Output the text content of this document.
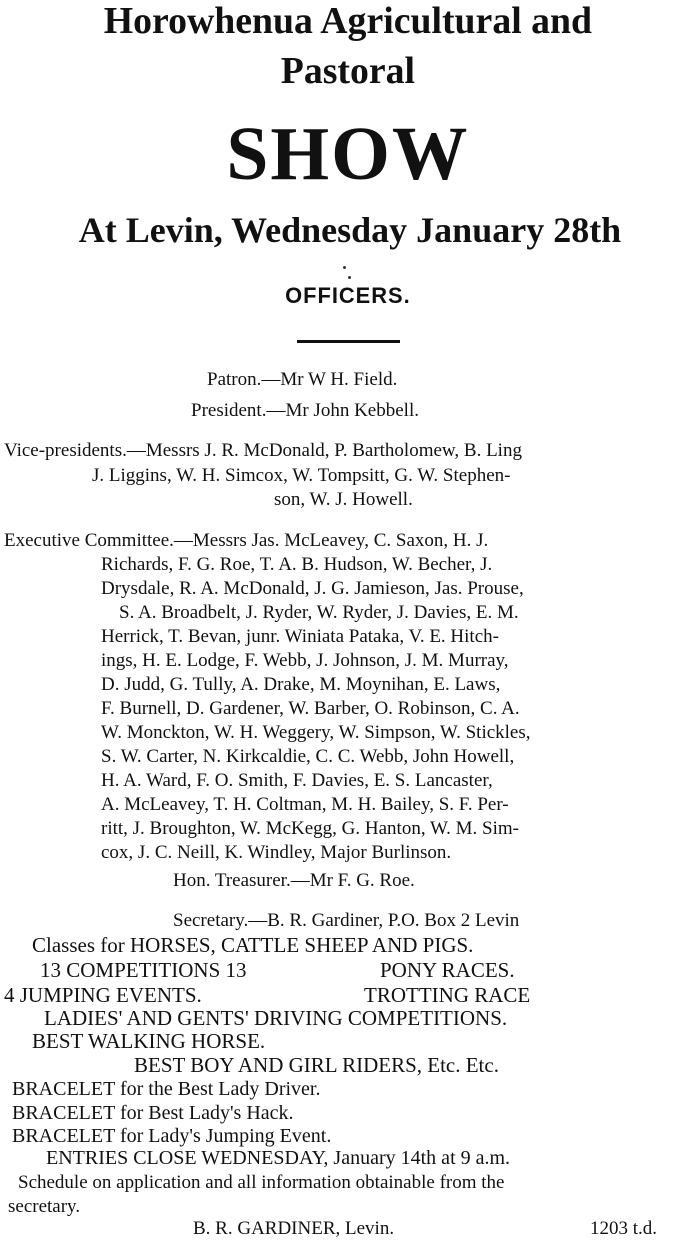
Horowhenua Agricultural and
Pastoral
SHOW
At Levin, Wednesday January 28th
OFFICERS.
Patron.—Mr W H. Field.
President.—Mr John Kebbell.
Vice-presidents.—Messrs J. R. McDonald, P. Bartholomew, B. Ling
J. Liggins, W. H. Simcox, W. Tompsitt, G. W. Stephen-
son, W. J. Howell.
Executive Committee.—Messrs Jas. McLeavey, C. Saxon, H. J.
Richards, F. G. Roe, T. A. B. Hudson, W. Becher, J.
Drysdale, R. A. McDonald, J. G. Jamieson, Jas. Prouse,
S. A. Broadbelt, J. Ryder, W. Ryder, J. Davies, E. M.
Herrick, T. Bevan, junr. Winiata Pataka, V. E. Hitch-
ings, H. E. Lodge, F. Webb, J. Johnson, J. M. Murray,
D. Judd, G. Tully, A. Drake, M. Moynihan, E. Laws,
F. Burnell, D. Gardener, W. Barber, O. Robinson, C. A.
W. Monckton, W. H. Weggery, W. Simpson, W. Stickles,
S. W. Carter, N. Kirkcaldie, C. C. Webb, John Howell,
H. A. Ward, F. O. Smith, F. Davies, E. S. Lancaster,
A. McLeavey, T. H. Coltman, M. H. Bailey, S. F. Per-
ritt, J. Broughton, W. McKegg, G. Hanton, W. M. Sim-
cox, J. C. Neill, K. Windley, Major Burlinson.
Hon. Treasurer.—Mr F. G. Roe.
Secretary.—B. R. Gardiner, P.O. Box 2 Levin
Classes for HORSES, CATTLE SHEEP AND PIGS.
13 COMPETITIONS 13	PONY RACES.
4 JUMPING EVENTS.	TROTTING RACE
LADIES' AND GENTS' DRIVING COMPETITIONS.
BEST WALKING HORSE.
BEST BOY AND GIRL RIDERS, Etc. Etc.
BRACELET for the Best Lady Driver.
BRACELET for Best Lady's Hack.
BRACELET for Lady's Jumping Event.
ENTRIES CLOSE WEDNESDAY, January 14th at 9 a.m.
Schedule on application and all information obtainable from the
secretary.
B. R. GARDINER, Levin.	1203 t.d.
